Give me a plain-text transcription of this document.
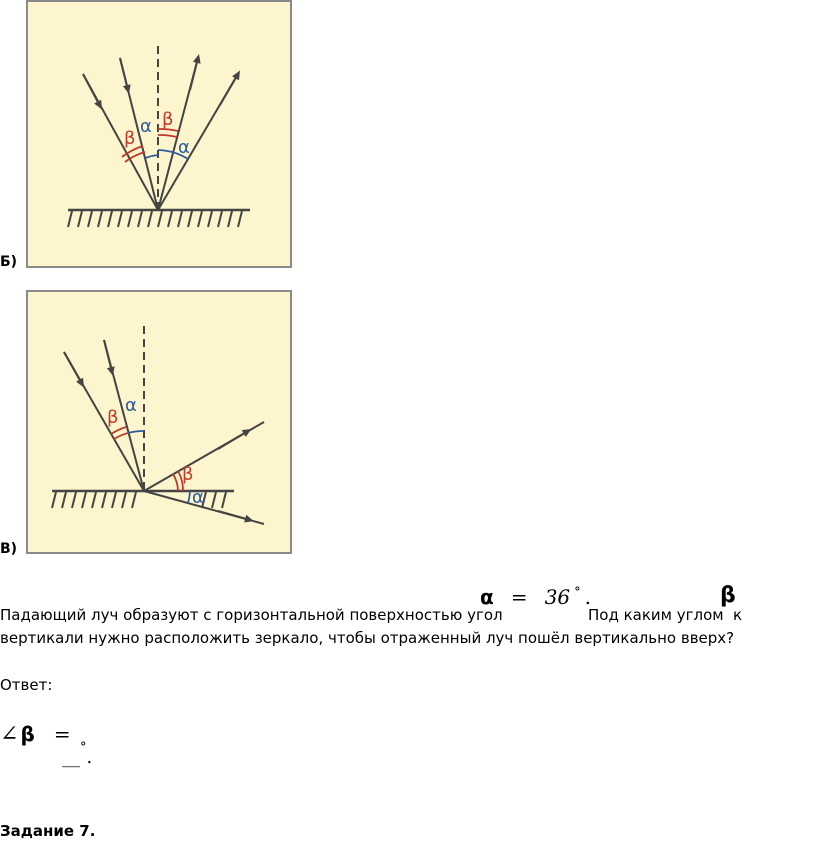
α β
β α
Б)
α
β
β
α
В)
Падающий луч образуют с горизонтальной поверхностью угол
α = 36 ° .
Под каким углом
β
к
вертикали нужно расположить зеркало, чтобы отраженный луч пошёл вертикально вверх?
Ответ:
∠ β =
__°.
Задание 7.
